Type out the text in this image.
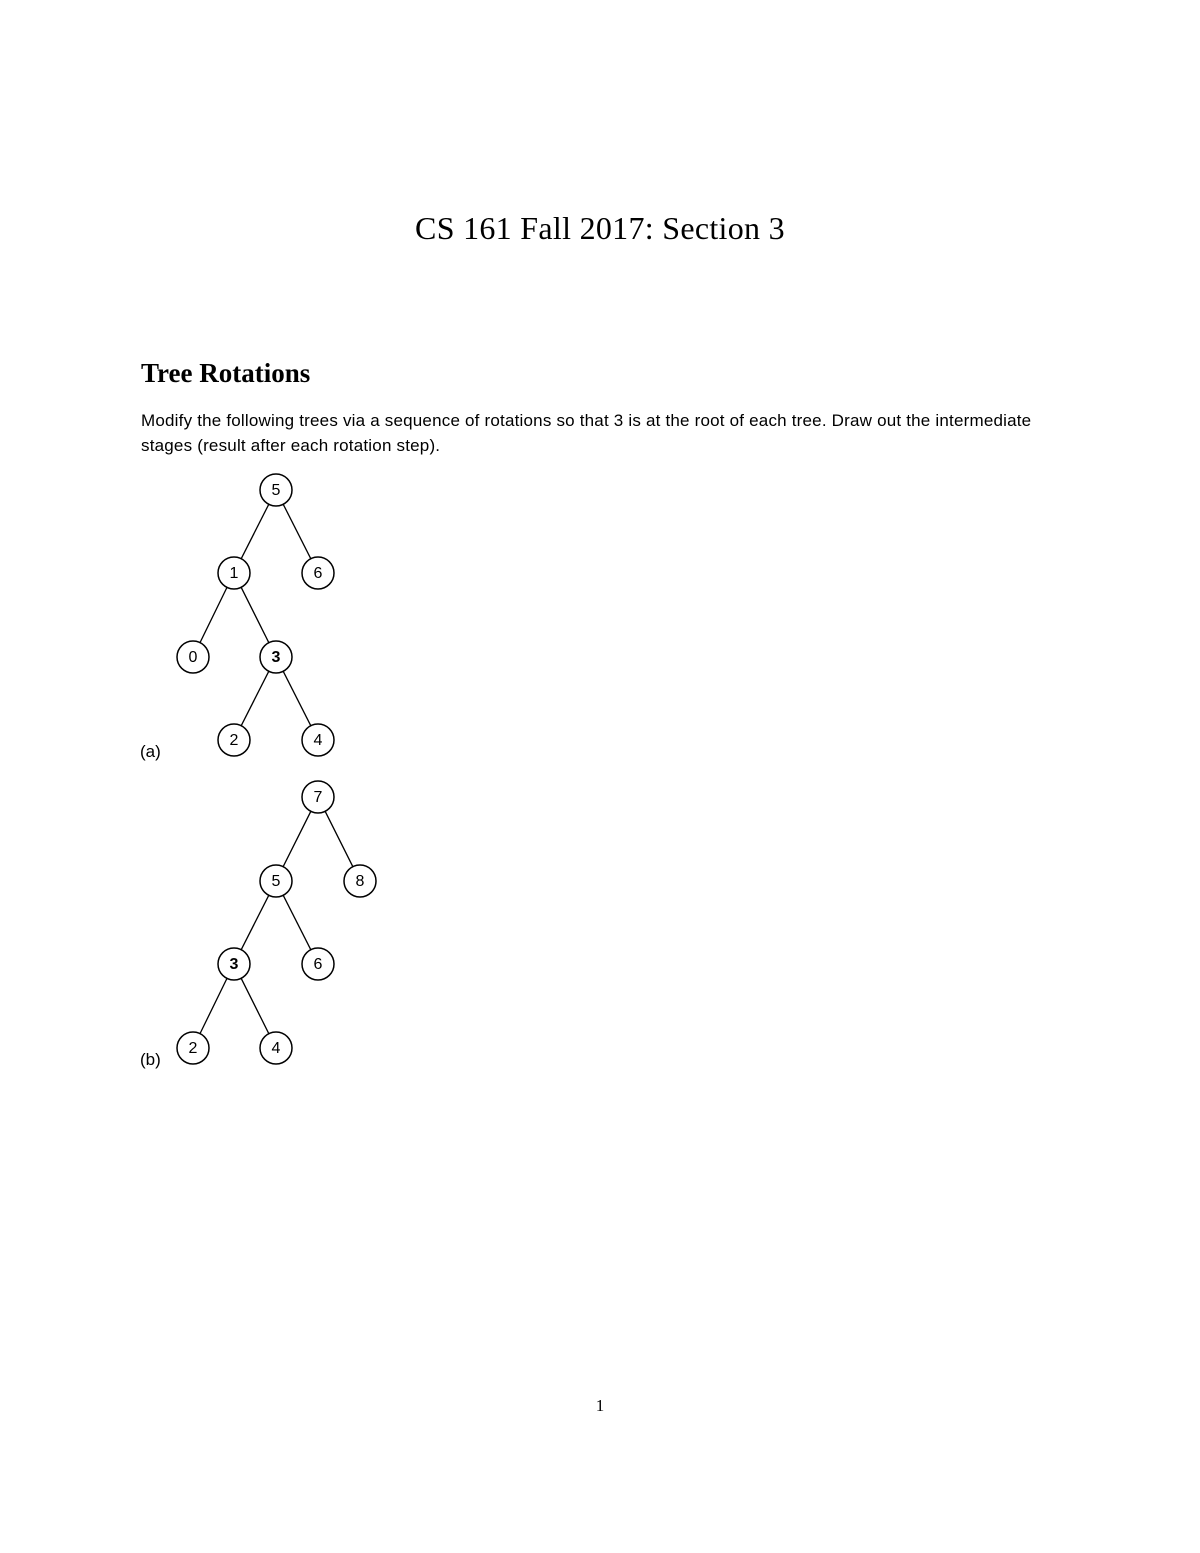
CS 161 Fall 2017: Section 3
Tree Rotations

Modify the following trees via a sequence of rotations so that 3 is at the root of each tree. Draw out the intermediate stages (result after each rotation step).

5
1	6
0	3
2	4
(a)
7
5	8
3	6
2	4
(b)
1
